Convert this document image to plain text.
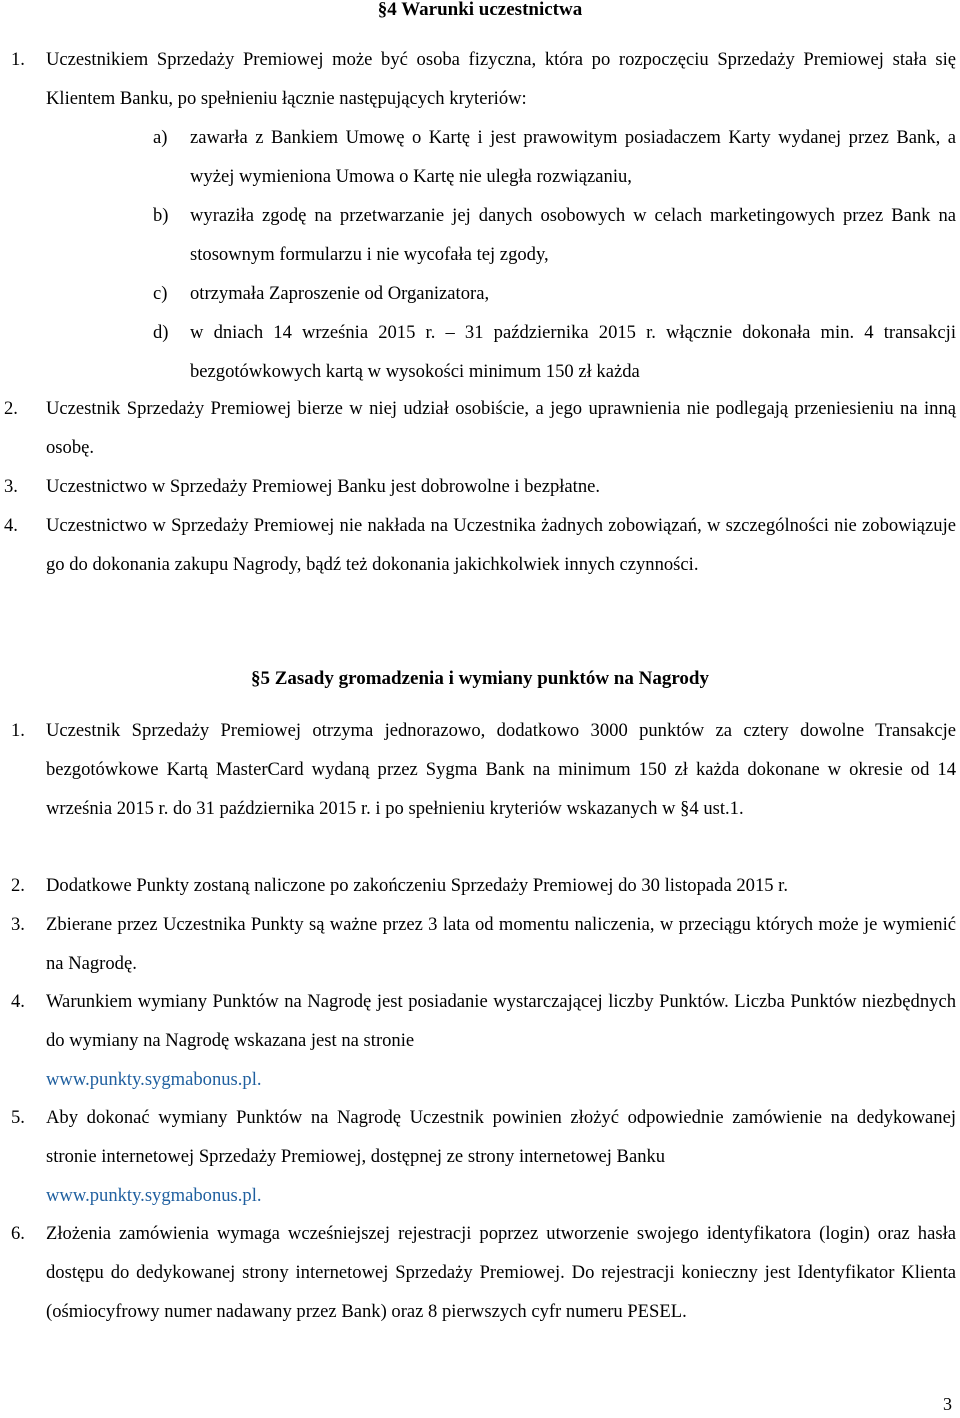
§4 Warunki uczestnictwa
1. Uczestnikiem Sprzedaży Premiowej może być osoba fizyczna, która po rozpoczęciu Sprzedaży Premiowej stała się Klientem Banku, po spełnieniu łącznie następujących kryteriów:
a) zawarła z Bankiem Umowę o Kartę i jest prawowitym posiadaczem Karty wydanej przez Bank, a wyżej wymieniona Umowa o Kartę nie uległa rozwiązaniu,
b) wyraziła zgodę na przetwarzanie jej danych osobowych w celach marketingowych przez Bank na stosownym formularzu i nie wycofała tej zgody,
c) otrzymała Zaproszenie od Organizatora,
d) w dniach 14 września 2015 r. – 31 października 2015 r. włącznie dokonała min. 4 transakcji bezgotówkowych kartą w wysokości minimum 150 zł każda
2. Uczestnik Sprzedaży Premiowej bierze w niej udział osobiście, a jego uprawnienia nie podlegają przeniesieniu na inną osobę.
3. Uczestnictwo w Sprzedaży Premiowej Banku jest dobrowolne i bezpłatne.
4. Uczestnictwo w Sprzedaży Premiowej nie nakłada na Uczestnika żadnych zobowiązań, w szczególności nie zobowiązuje go do dokonania zakupu Nagrody, bądź też dokonania jakichkolwiek innych czynności.
§5 Zasady gromadzenia i wymiany punktów na Nagrody
1. Uczestnik Sprzedaży Premiowej otrzyma jednorazowo, dodatkowo 3000 punktów za cztery dowolne Transakcje bezgotówkowe Kartą MasterCard wydaną przez Sygma Bank na minimum 150 zł każda dokonane w okresie od 14 września 2015 r. do 31 października 2015 r. i po spełnieniu kryteriów wskazanych w §4 ust.1.
2. Dodatkowe Punkty zostaną naliczone po zakończeniu Sprzedaży Premiowej do 30 listopada 2015 r.
3. Zbierane przez Uczestnika Punkty są ważne przez 3 lata od momentu naliczenia, w przeciągu których może je wymienić na Nagrodę.
4. Warunkiem wymiany Punktów na Nagrodę jest posiadanie wystarczającej liczby Punktów. Liczba Punktów niezbędnych do wymiany na Nagrodę wskazana jest na stronie
www.punkty.sygmabonus.pl.
5. Aby dokonać wymiany Punktów na Nagrodę Uczestnik powinien złożyć odpowiednie zamówienie na dedykowanej stronie internetowej Sprzedaży Premiowej, dostępnej ze strony internetowej Banku
www.punkty.sygmabonus.pl.
6. Złożenia zamówienia wymaga wcześniejszej rejestracji poprzez utworzenie swojego identyfikatora (login) oraz hasła dostępu do dedykowanej strony internetowej Sprzedaży Premiowej. Do rejestracji konieczny jest Identyfikator Klienta (ośmiocyfrowy numer nadawany przez Bank) oraz 8 pierwszych cyfr numeru PESEL.
3
